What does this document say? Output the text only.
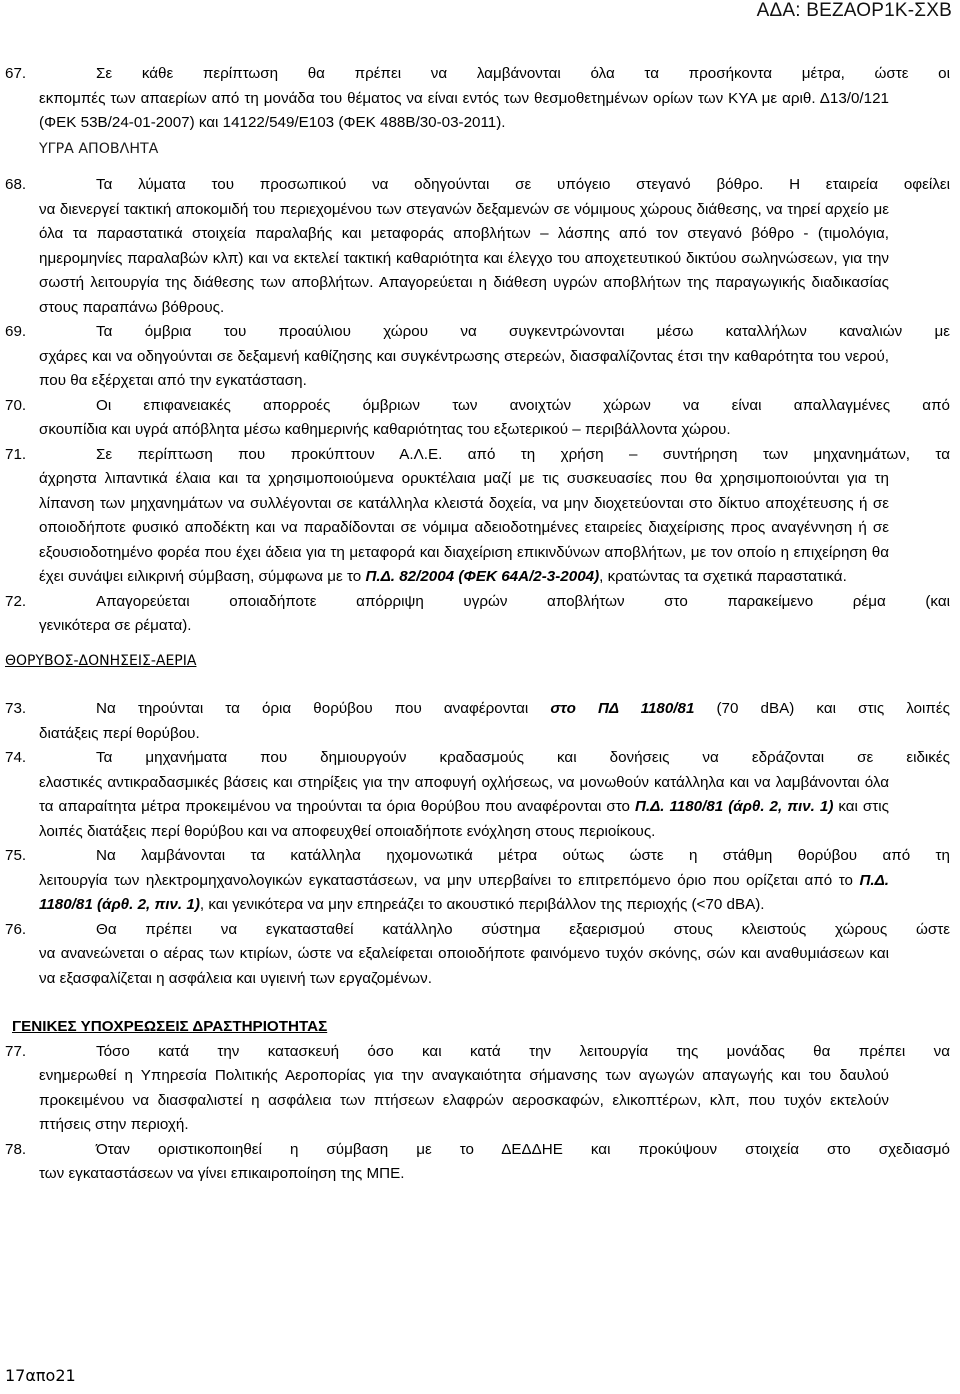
ΑΔΑ: ΒΕΖΑΟΡ1Κ-ΣΧΒ
67.	Σε κάθε περίπτωση θα πρέπει να λαμβάνονται όλα τα προσήκοντα μέτρα, ώστε οι
εκπομπές των απαερίων από τη μονάδα του θέματος να είναι εντός των θεσμοθετημένων ορίων των ΚΥΑ με αριθ. Δ13/0/121 (ΦΕΚ 53Β/24-01-2007) και 14122/549/Ε103 (ΦΕΚ 488Β/30-03-2011).
ΥΓΡΑ ΑΠΟΒΛΗΤΑ
68.	Τα λύματα του προσωπικού να οδηγούνται σε υπόγειο στεγανό βόθρο. Η εταιρεία οφείλει
να διενεργεί τακτική αποκομιδή του περιεχομένου των στεγανών δεξαμενών σε νόμιμους χώρους διάθεσης, να τηρεί αρχείο με όλα τα παραστατικά στοιχεία παραλαβής και μεταφοράς αποβλήτων – λάσπης από τον στεγανό βόθρο - (τιμολόγια, ημερομηνίες παραλαβών κλπ) και να εκτελεί τακτική καθαριότητα και έλεγχο του αποχετευτικού δικτύου σωληνώσεων, για την σωστή λειτουργία της διάθεσης των αποβλήτων. Απαγορεύεται η διάθεση υγρών αποβλήτων της παραγωγικής διαδικασίας στους παραπάνω βόθρους.
69.	Τα όμβρια του προαύλιου χώρου να συγκεντρώνονται μέσω καταλλήλων καναλιών με
σχάρες και να οδηγούνται σε δεξαμενή καθίζησης και συγκέντρωσης στερεών, διασφαλίζοντας έτσι την καθαρότητα του νερού, που θα εξέρχεται από την εγκατάσταση.
70.	Οι επιφανειακές απορροές όμβριων των ανοιχτών χώρων να είναι απαλλαγμένες από
σκουπίδια και υγρά απόβλητα μέσω καθημερινής καθαριότητας του εξωτερικού – περιβάλλοντα χώρου.
71.	Σε περίπτωση που προκύπτουν Α.Λ.Ε. από τη χρήση – συντήρηση των μηχανημάτων, τα
άχρηστα λιπαντικά έλαια και τα χρησιμοποιούμενα ορυκτέλαια μαζί με τις συσκευασίες που θα χρησιμοποιούνται για τη λίπανση των μηχανημάτων να συλλέγονται σε κατάλληλα κλειστά δοχεία, να μην διοχετεύονται στο δίκτυο αποχέτευσης ή σε οποιοδήποτε φυσικό αποδέκτη και να παραδίδονται σε νόμιμα αδειοδοτημένες εταιρείες διαχείρισης προς αναγέννηση ή σε εξουσιοδοτημένο φορέα που έχει άδεια για τη μεταφορά και διαχείριση επικινδύνων αποβλήτων, με τον οποίο η επιχείρηση θα έχει συνάψει ειλικρινή σύμβαση, σύμφωνα με το Π.Δ. 82/2004 (ΦΕΚ 64Α/2-3-2004), κρατώντας τα σχετικά παραστατικά.
72.	Απαγορεύεται οποιαδήποτε απόρριψη υγρών αποβλήτων στο παρακείμενο ρέμα (και
γενικότερα σε ρέματα).
ΘΟΡΥΒΟΣ-ΔΟΝΗΣΕΙΣ-ΑΕΡΙΑ
73.	Να τηρούνται τα όρια θορύβου που αναφέρονται στο ΠΔ 1180/81 (70 dBA) και στις λοιπές
διατάξεις περί θορύβου.
74.	Τα μηχανήματα που δημιουργούν κραδασμούς και δονήσεις να εδράζονται σε ειδικές
ελαστικές αντικραδασμικές βάσεις και στηρίξεις για την αποφυγή οχλήσεως, να μονωθούν κατάλληλα και να λαμβάνονται όλα τα απαραίτητα μέτρα προκειμένου να τηρούνται τα όρια θορύβου που αναφέρονται στο Π.Δ. 1180/81 (άρθ. 2, πιν. 1) και στις λοιπές διατάξεις περί θορύβου και να αποφευχθεί οποιαδήποτε ενόχληση στους περιοίκους.
75.	Να λαμβάνονται τα κατάλληλα ηχομονωτικά μέτρα ούτως ώστε η στάθμη θορύβου από τη
λειτουργία των ηλεκτρομηχανολογικών εγκαταστάσεων, να μην υπερβαίνει το επιτρεπόμενο όριο που ορίζεται από το Π.Δ. 1180/81 (άρθ. 2, πιν. 1), και γενικότερα να μην επηρεάζει το ακουστικό περιβάλλον της περιοχής (<70 dBA).
76.	Θα πρέπει να εγκατασταθεί κατάλληλο σύστημα εξαερισμού στους κλειστούς χώρους ώστε
να ανανεώνεται ο αέρας των κτιρίων, ώστε να εξαλείφεται οποιοδήποτε φαινόμενο τυχόν σκόνης, σών και αναθυμιάσεων και να εξασφαλίζεται η ασφάλεια και υγιεινή των εργαζομένων.
ΓΕΝΙΚΕΣ ΥΠΟΧΡΕΩΣΕΙΣ ΔΡΑΣΤΗΡΙΟΤΗΤΑΣ
77.	Τόσο κατά την κατασκευή όσο και κατά την λειτουργία της μονάδας θα πρέπει να
ενημερωθεί η Υπηρεσία Πολιτικής Αεροπορίας για την αναγκαιότητα σήμανσης των αγωγών απαγωγής και του δαυλού προκειμένου να διασφαλιστεί η ασφάλεια των πτήσεων ελαφρών αεροσκαφών, ελικοπτέρων, κλπ, που τυχόν εκτελούν πτήσεις στην περιοχή.
78.	Όταν οριστικοποιηθεί η σύμβαση με το ΔΕΔΔΗΕ και προκύψουν στοιχεία στο σχεδιασμό
των εγκαταστάσεων να γίνει επικαιροποίηση της ΜΠΕ.
17απο21
